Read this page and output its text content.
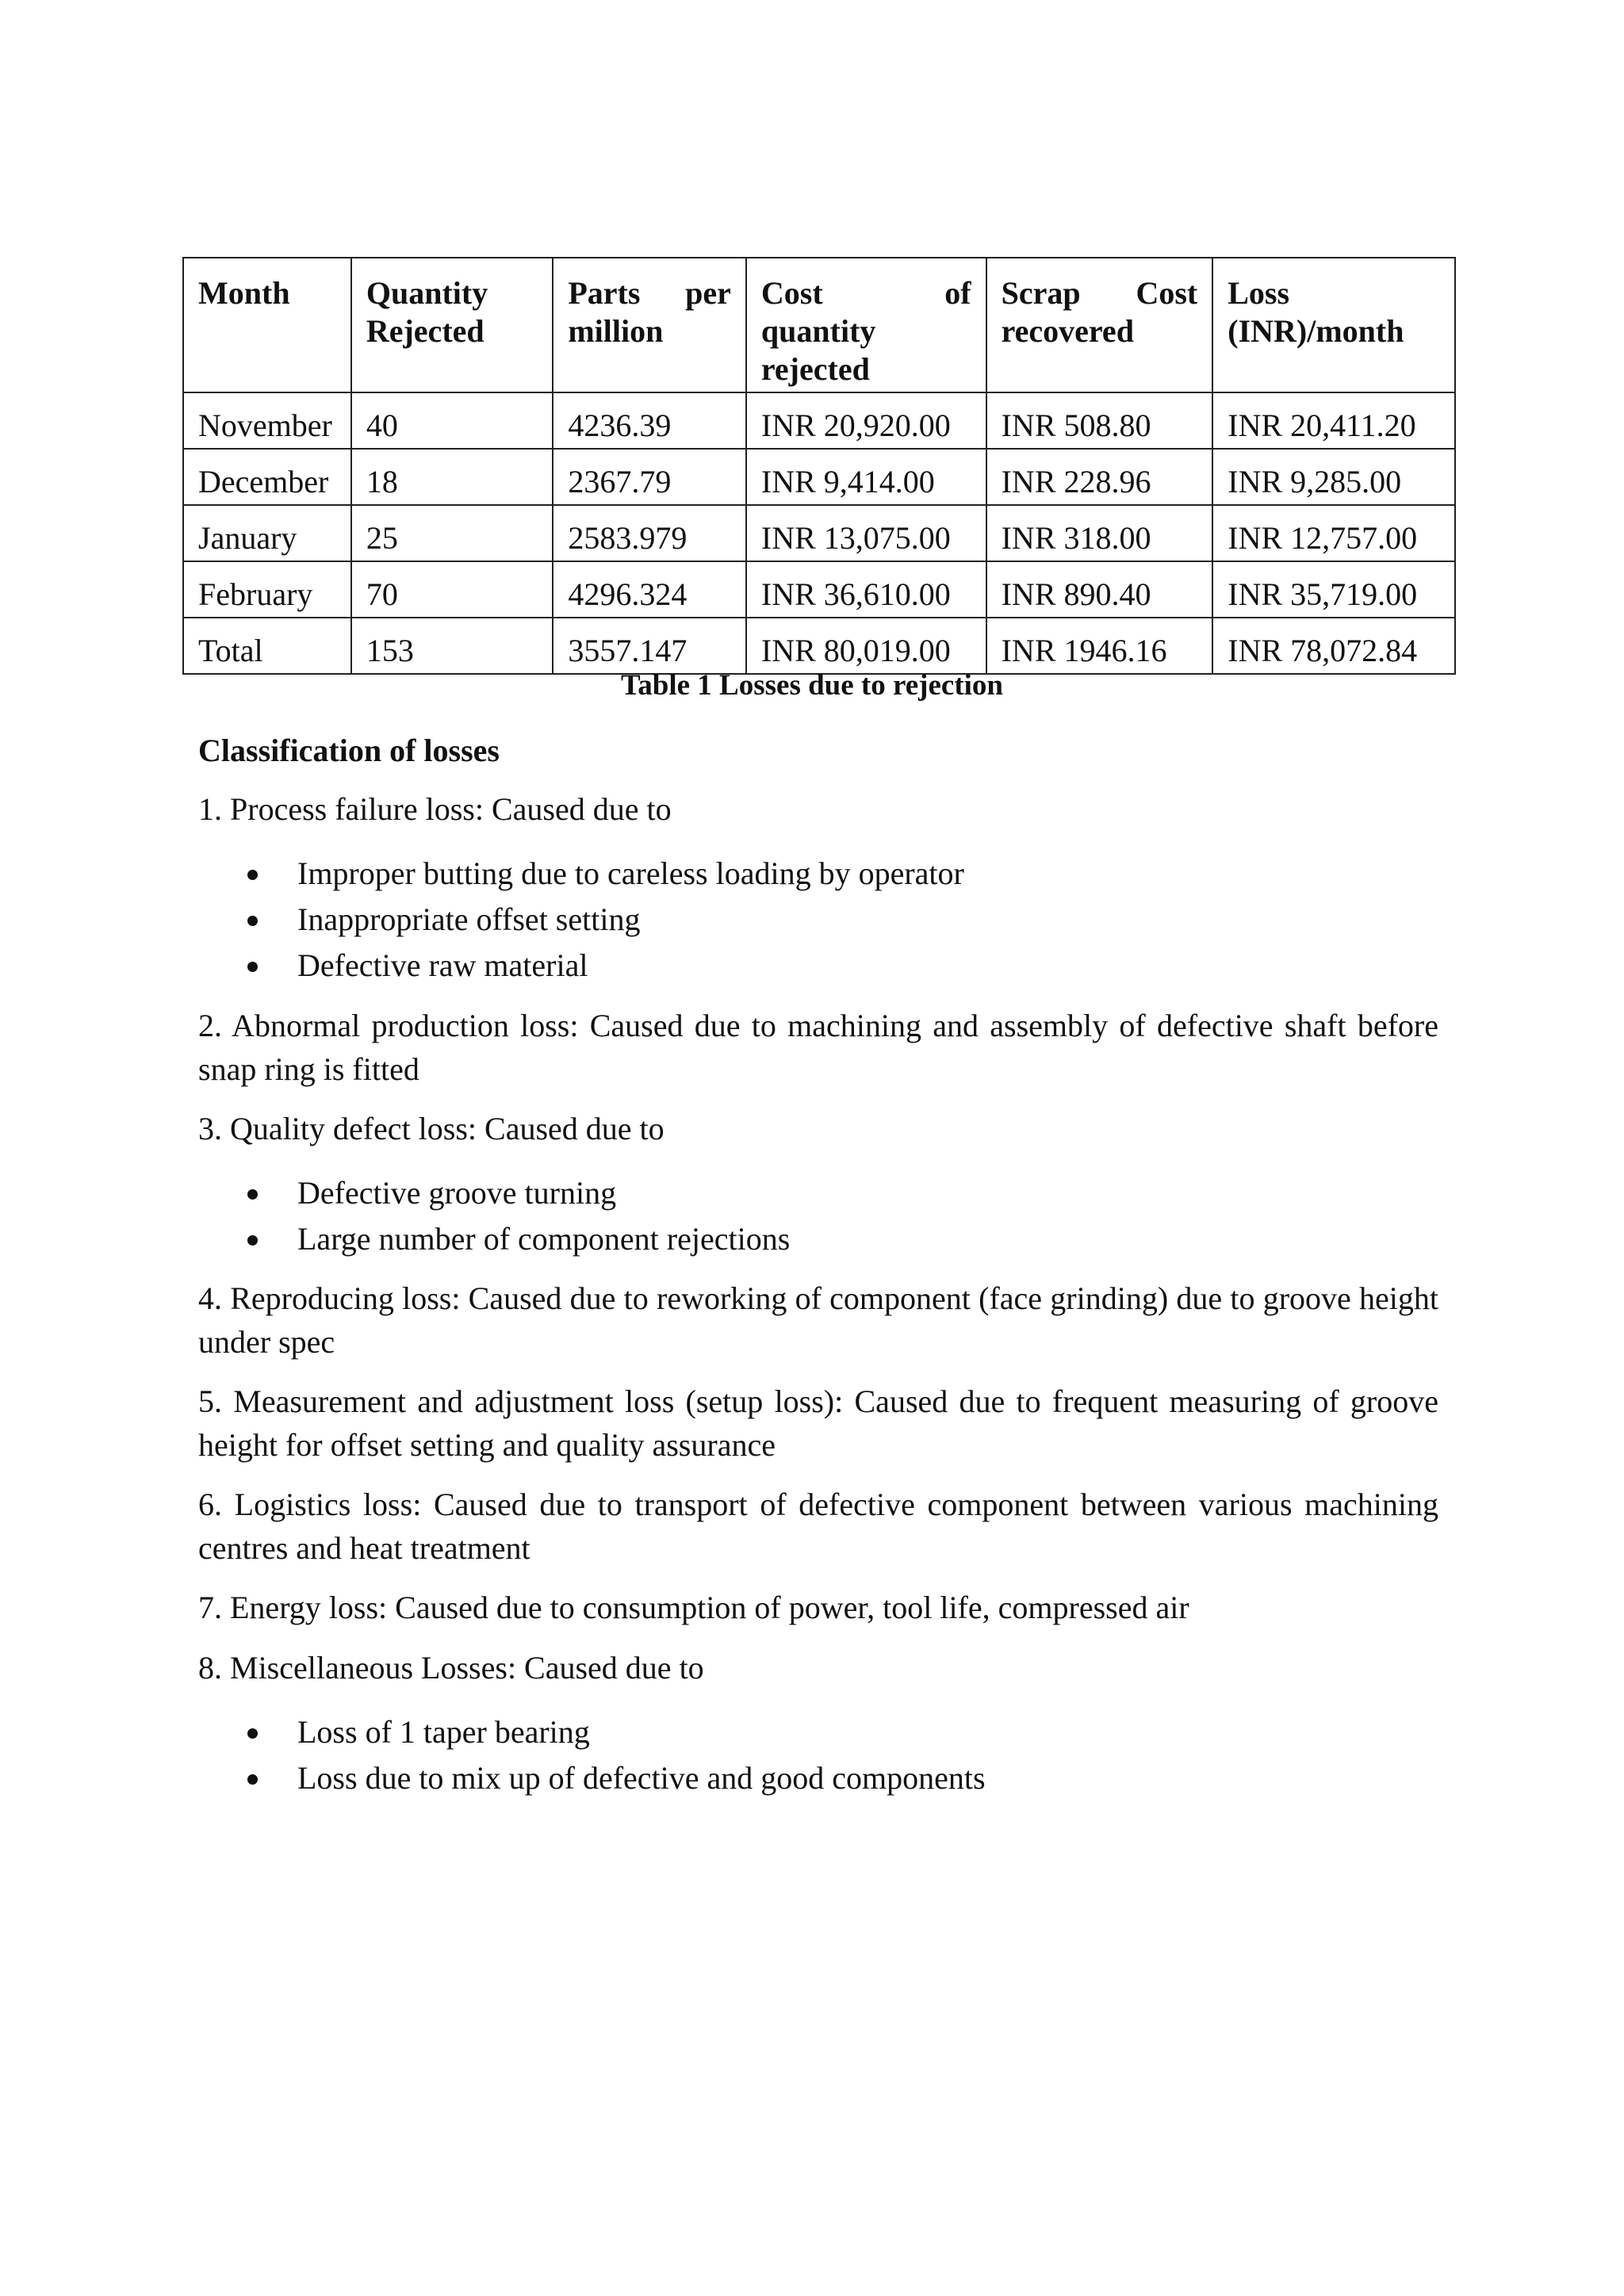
Month	Quantity Rejected	Parts per million	Cost of quantity rejected	Scrap Cost recovered	Loss (INR)/month
November	40	4236.39	INR 20,920.00	INR 508.80	INR 20,411.20
December	18	2367.79	INR 9,414.00	INR 228.96	INR 9,285.00
January	25	2583.979	INR 13,075.00	INR 318.00	INR 12,757.00
February	70	4296.324	INR 36,610.00	INR 890.40	INR 35,719.00
Total	153	3557.147	INR 80,019.00	INR 1946.16	INR 78,072.84
Table 1 Losses due to rejection
Classification of losses

1. Process failure loss: Caused due to

Improper butting due to careless loading by operator
Inappropriate offset setting
Defective raw material

2. Abnormal production loss: Caused due to machining and assembly of defective shaft before snap ring is fitted

3. Quality defect loss: Caused due to

Defective groove turning
Large number of component rejections

4. Reproducing loss: Caused due to reworking of component (face grinding) due to groove height under spec

5. Measurement and adjustment loss (setup loss): Caused due to frequent measuring of groove height for offset setting and quality assurance

6. Logistics loss: Caused due to transport of defective component between various machining centres and heat treatment

7. Energy loss: Caused due to consumption of power, tool life, compressed air

8. Miscellaneous Losses: Caused due to

Loss of 1 taper bearing
Loss due to mix up of defective and good components
